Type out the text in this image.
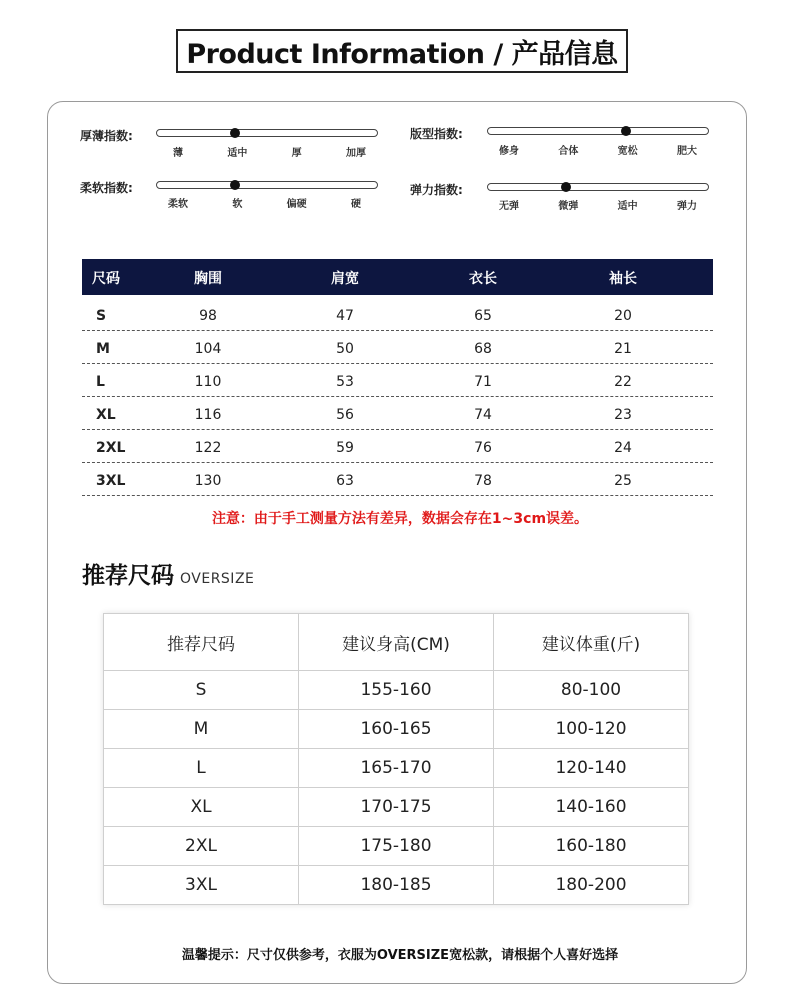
Product Information / 产品信息
厚薄指数:
薄	适中	厚	加厚
版型指数:
修身	合体	宽松	肥大
柔软指数:
柔软	软	偏硬	硬
弹力指数:
无弹	微弹	适中	弹力
尺码	胸围	肩宽	衣长	袖长
S	98	47	65	20
M	104	50	68	21
L	110	53	71	22
XL	116	56	74	23
2XL	122	59	76	24
3XL	130	63	78	25
注意：由于手工测量方法有差异，数据会存在1~3cm误差。
推荐尺码 OVERSIZE
推荐尺码	建议身高(CM)	建议体重(斤)
S	155-160	80-100
M	160-165	100-120
L	165-170	120-140
XL	170-175	140-160
2XL	175-180	160-180
3XL	180-185	180-200
温馨提示：尺寸仅供参考，衣服为OVERSIZE宽松款，请根据个人喜好选择
